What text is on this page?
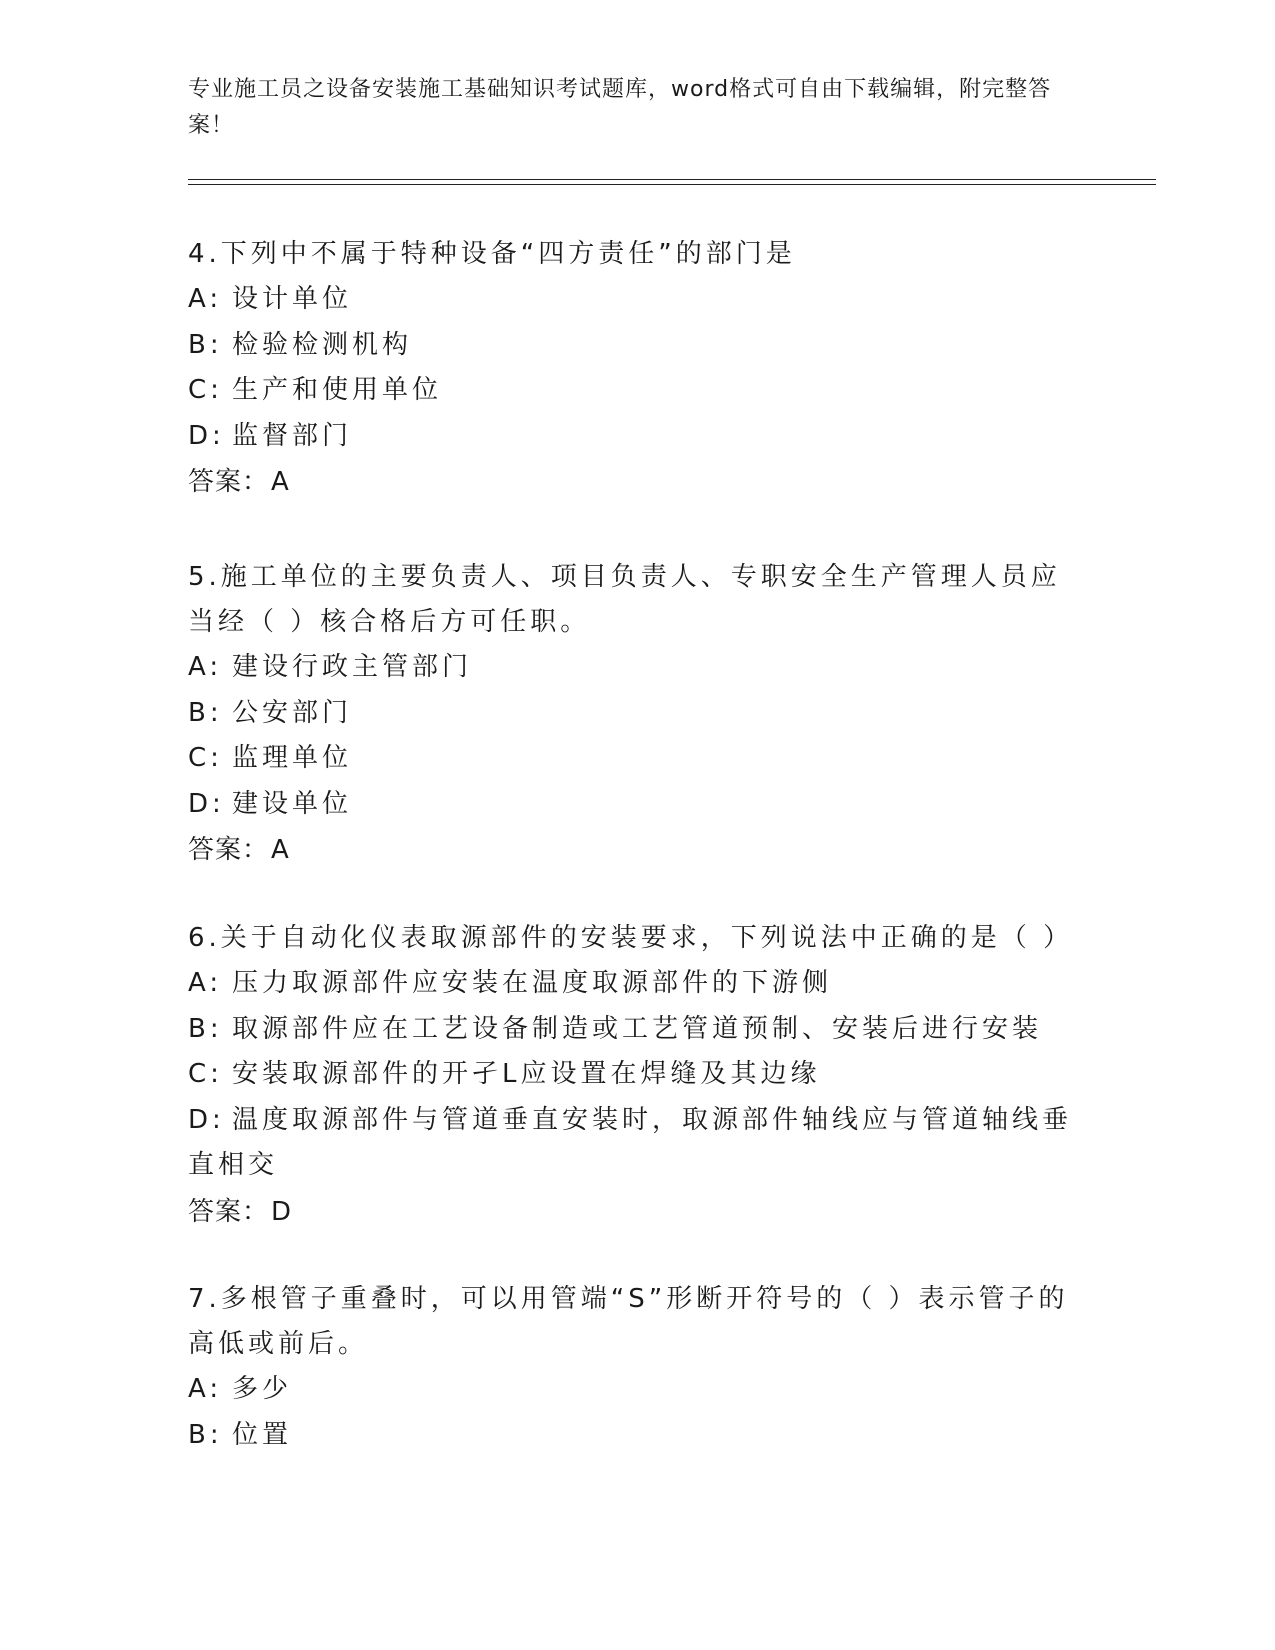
专业施工员之设备安装施工基础知识考试题库，word格式可自由下载编辑，附完整答案！

4.下列中不属于特种设备“四方责任”的部门是

A: 设计单位

B: 检验检测机构

C: 生产和使用单位

D: 监督部门

答案：A

5.施工单位的主要负责人、项目负责人、专职安全生产管理人员应当经（ ）核合格后方可任职。

A: 建设行政主管部门

B: 公安部门

C: 监理单位

D: 建设单位

答案：A

6.关于自动化仪表取源部件的安装要求，下列说法中正确的是（ ）

A: 压力取源部件应安装在温度取源部件的下游侧

B: 取源部件应在工艺设备制造或工艺管道预制、安装后进行安装

C: 安装取源部件的开孑L应设置在焊缝及其边缘

D: 温度取源部件与管道垂直安装时，取源部件轴线应与管道轴线垂直相交

答案：D

7.多根管子重叠时，可以用管端“S”形断开符号的（ ）表示管子的高低或前后。

A: 多少

B: 位置
